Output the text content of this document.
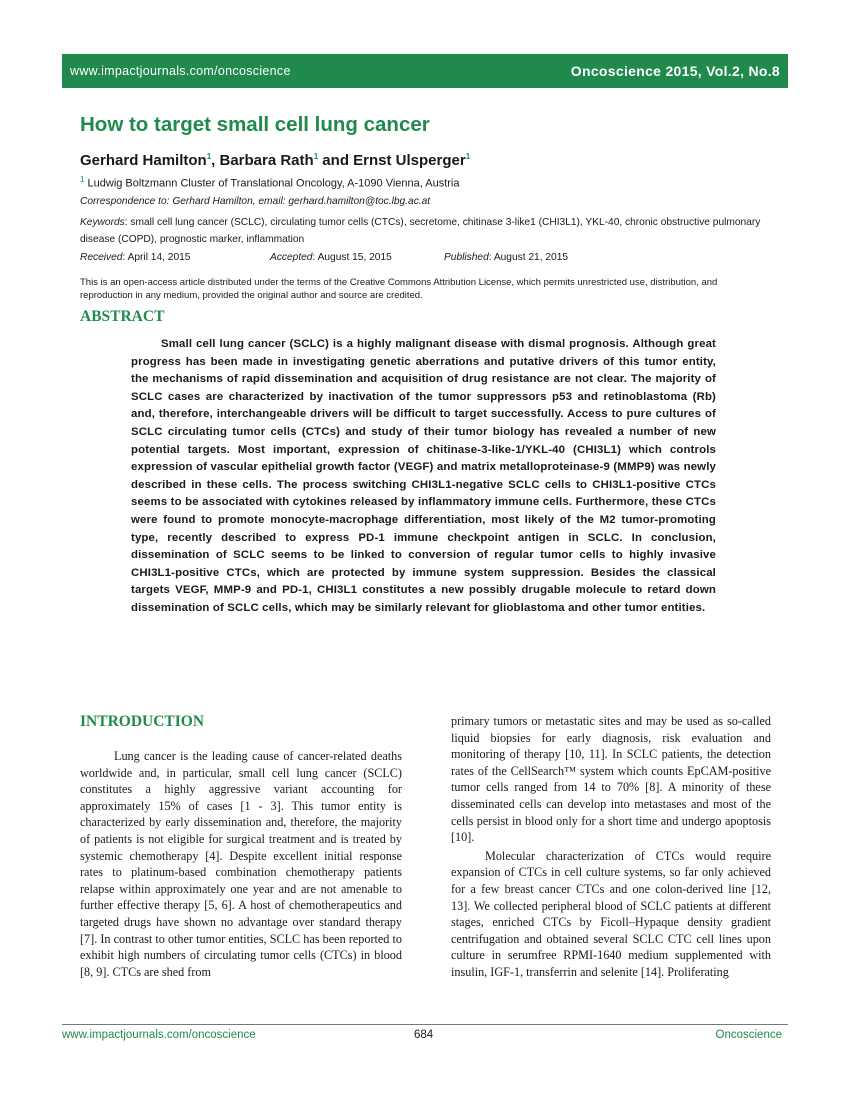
www.impactjournals.com/oncoscience	Oncoscience 2015, Vol.2, No.8
How to target small cell lung cancer
Gerhard Hamilton$^1$, Barbara Rath$^1$ and Ernst Ulsperger$^1$
$^1$ Ludwig Boltzmann Cluster of Translational Oncology, A-1090 Vienna, Austria
Correspondence to: Gerhard Hamilton, email: gerhard.hamilton@toc.lbg.ac.at
Keywords: small cell lung cancer (SCLC), circulating tumor cells (CTCs), secretome, chitinase 3-like1 (CHI3L1), YKL-40, chronic obstructive pulmonary disease (COPD), prognostic marker, inflammation
Received: April 14, 2015	Accepted: August 15, 2015	Published: August 21, 2015
This is an open-access article distributed under the terms of the Creative Commons Attribution License, which permits unrestricted use, distribution, and reproduction in any medium, provided the original author and source are credited.
ABSTRACT

Small cell lung cancer (SCLC) is a highly malignant disease with dismal prognosis. Although great progress has been made in investigating genetic aberrations and putative drivers of this tumor entity, the mechanisms of rapid dissemination and acquisition of drug resistance are not clear. The majority of SCLC cases are characterized by inactivation of the tumor suppressors p53 and retinoblastoma (Rb) and, therefore, interchangeable drivers will be difficult to target successfully. Access to pure cultures of SCLC circulating tumor cells (CTCs) and study of their tumor biology has revealed a number of new potential targets. Most important, expression of chitinase-3-like-1/YKL-40 (CHI3L1) which controls expression of vascular epithelial growth factor (VEGF) and matrix metalloproteinase-9 (MMP9) was newly described in these cells. The process switching CHI3L1-negative SCLC cells to CHI3L1-positive CTCs seems to be associated with cytokines released by inflammatory immune cells. Furthermore, these CTCs were found to promote monocyte-macrophage differentiation, most likely of the M2 tumor-promoting type, recently described to express PD-1 immune checkpoint antigen in SCLC. In conclusion, dissemination of SCLC seems to be linked to conversion of regular tumor cells to highly invasive CHI3L1-positive CTCs, which are protected by immune system suppression. Besides the classical targets VEGF, MMP-9 and PD-1, CHI3L1 constitutes a new possibly drugable molecule to retard down dissemination of SCLC cells, which may be similarly relevant for glioblastoma and other tumor entities.

INTRODUCTION

Lung cancer is the leading cause of cancer-related deaths worldwide and, in particular, small cell lung cancer (SCLC) constitutes a highly aggressive variant accounting for approximately 15% of cases [1 - 3]. This tumor entity is characterized by early dissemination and, therefore, the majority of patients is not eligible for surgical treatment and is treated by systemic chemotherapy [4]. Despite excellent initial response rates to platinum-based combination chemotherapy patients relapse within approximately one year and are not amenable to further effective therapy [5, 6]. A host of chemotherapeutics and targeted drugs have shown no advantage over standard therapy [7]. In contrast to other tumor entities, SCLC has been reported to exhibit high numbers of circulating tumor cells (CTCs) in blood [8, 9]. CTCs are shed from

primary tumors or metastatic sites and may be used as so-called liquid biopsies for early diagnosis, risk evaluation and monitoring of therapy [10, 11]. In SCLC patients, the detection rates of the CellSearch™ system which counts EpCAM-positive tumor cells ranged from 14 to 70% [8]. A minority of these disseminated cells can develop into metastases and most of the cells persist in blood only for a short time and undergo apoptosis [10].

Molecular characterization of CTCs would require expansion of CTCs in cell culture systems, so far only achieved for a few breast cancer CTCs and one colon-derived line [12, 13]. We collected peripheral blood of SCLC patients at different stages, enriched CTCs by Ficoll–Hypaque density gradient centrifugation and obtained several SCLC CTC cell lines upon culture in serumfree RPMI-1640 medium supplemented with insulin, IGF-1, transferrin and selenite [14]. Proliferating

www.impactjournals.com/oncoscience	684	Oncoscience
